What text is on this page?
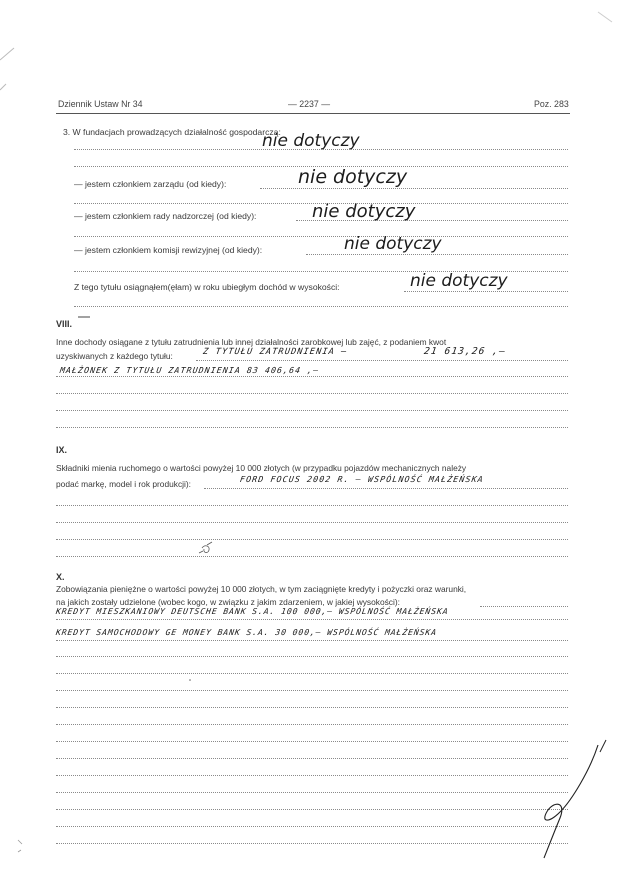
Dziennik Ustaw Nr 34	— 2237 —	Poz. 283
3. W fundacjach prowadzących działalność gospodarczą:
nie dotyczy
— jestem członkiem zarządu (od kiedy):	nie dotyczy
— jestem członkiem rady nadzorczej (od kiedy):	nie dotyczy
— jestem członkiem komisji rewizyjnej (od kiedy):	nie dotyczy
Z tego tytułu osiągnąłem(ęłam) w roku ubiegłym dochód w wysokości:	nie dotyczy
VIII.
Inne dochody osiągane z tytułu zatrudnienia lub innej działalności zarobkowej lub zajęć, z podaniem kwot
uzyskiwanych z każdego tytułu:	Z TYTUŁU ZATRUDNIENIA –	21 613,26 ,–
MAŁŻONEK Z TYTUŁU ZATRUDNIENIA 83 406,64 ,–
IX.
Składniki mienia ruchomego o wartości powyżej 10 000 złotych (w przypadku pojazdów mechanicznych należy
podać markę, model i rok produkcji):	FORD FOCUS 2002 R. – WSPÓLNOŚĆ MAŁŻEŃSKA
X.
Zobowiązania pieniężne o wartości powyżej 10 000 złotych, w tym zaciągnięte kredyty i pożyczki oraz warunki,
na jakich zostały udzielone (wobec kogo, w związku z jakim zdarzeniem, w jakiej wysokości):
KREDYT MIESZKANIOWY DEUTSCHE BANK S.A. 100 000,– WSPÓLNOŚĆ MAŁŻEŃSKA
KREDYT SAMOCHODOWY GE MONEY BANK S.A. 30 000,– WSPÓLNOŚĆ MAŁŻEŃSKA
